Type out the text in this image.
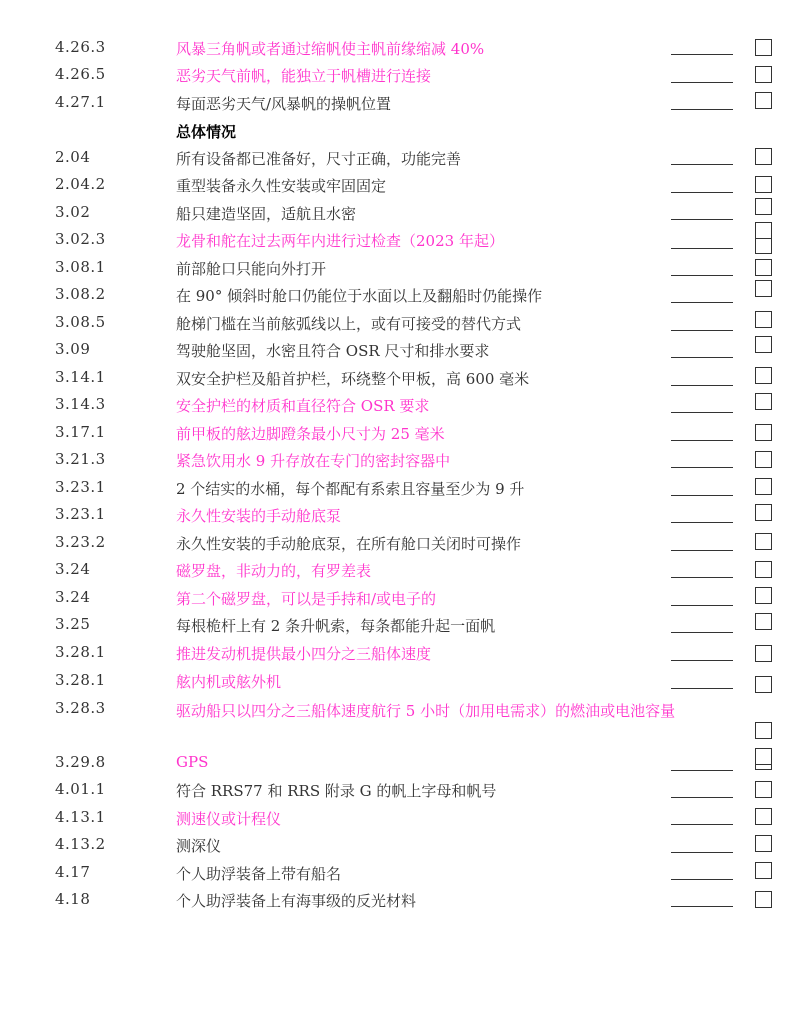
4.26.3	风暴三角帆或者通过缩帆使主帆前缘缩减 40%
4.26.5	恶劣天气前帆，能独立于帆槽进行连接
4.27.1	每面恶劣天气/风暴帆的操帆位置
总体情况
2.04	所有设备都已准备好，尺寸正确，功能完善
2.04.2	重型装备永久性安装或牢固固定
3.02	船只建造坚固，适航且水密
3.02.3	龙骨和舵在过去两年内进行过检查（2023 年起）
3.08.1	前部舱口只能向外打开
3.08.2	在 90° 倾斜时舱口仍能位于水面以上及翻船时仍能操作
3.08.5	舱梯门槛在当前舷弧线以上，或有可接受的替代方式
3.09	驾驶舱坚固，水密且符合 OSR 尺寸和排水要求
3.14.1	双安全护栏及船首护栏，环绕整个甲板，高 600 毫米
3.14.3	安全护栏的材质和直径符合 OSR 要求
3.17.1	前甲板的舷边脚蹬条最小尺寸为 25 毫米
3.21.3	紧急饮用水 9 升存放在专门的密封容器中
3.23.1	2 个结实的水桶，每个都配有系索且容量至少为 9 升
3.23.1	永久性安装的手动舱底泵
3.23.2	永久性安装的手动舱底泵，在所有舱口关闭时可操作
3.24	磁罗盘，非动力的，有罗差表
3.24	第二个磁罗盘，可以是手持和/或电子的
3.25	每根桅杆上有 2 条升帆索，每条都能升起一面帆
3.28.1	推进发动机提供最小四分之三船体速度
3.28.1	舷内机或舷外机
3.28.3	驱动船只以四分之三船体速度航行 5 小时（加用电需求）的燃油或电池容量
3.29.8	GPS
4.01.1	符合 RRS77 和 RRS 附录 G 的帆上字母和帆号
4.13.1	测速仪或计程仪
4.13.2	测深仪
4.17	个人助浮装备上带有船名
4.18	个人助浮装备上有海事级的反光材料
